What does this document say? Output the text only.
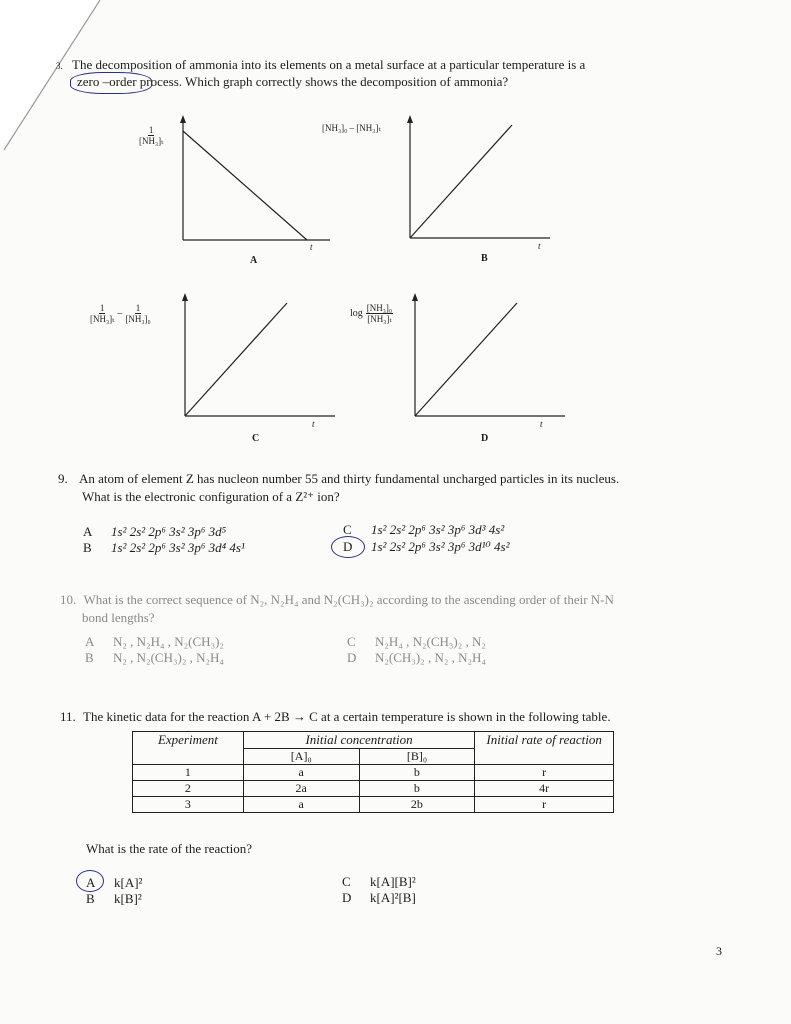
3. The decomposition of ammonia into its elements on a metal surface at a particular temperature is a
zero –order process. Which graph correctly shows the decomposition of ammonia?
$\frac{1}{\text{[NH₃]ₜ}}$
t
A
[NH₃]₀ – [NH₃]ₜ
t
B
$\frac{1}{\text{[NH₃]ₜ}} - \frac{1}{\text{[NH₃]₀}}$
t
C
$\log \frac{\text{[NH₃]₀}}{\text{[NH₃]ₜ}}$
t
D
9. An atom of element Z has nucleon number 55 and thirty fundamental uncharged particles in its nucleus.
What is the electronic configuration of a Z²⁺ ion?
A 1s² 2s² 2p⁶ 3s² 3p⁶ 3d⁵
B 1s² 2s² 2p⁶ 3s² 3p⁶ 3d⁴ 4s¹
C 1s² 2s² 2p⁶ 3s² 3p⁶ 3d³ 4s²
D 1s² 2s² 2p⁶ 3s² 3p⁶ 3d¹⁰ 4s²
10. What is the correct sequence of N₂, N₂H₄ and N₂(CH₃)₂ according to the ascending order of their N-N
bond lengths?
A N₂ , N₂H₄ , N₂(CH₃)₂
B N₂ , N₂(CH₃)₂ , N₂H₄
C N₂H₄ , N₂(CH₃)₂ , N₂
D N₂(CH₃)₂ , N₂ , N₂H₄
11. The kinetic data for the reaction A + 2B → C at a certain temperature is shown in the following table.
Experiment	Initial concentration		Initial rate of reaction
	[A]₀	[B]₀	
1	a	b	r
2	2a	b	4r
3	a	2b	r
What is the rate of the reaction?
A k[A]²
B k[B]²
C k[A][B]²
D k[A]²[B]
3
